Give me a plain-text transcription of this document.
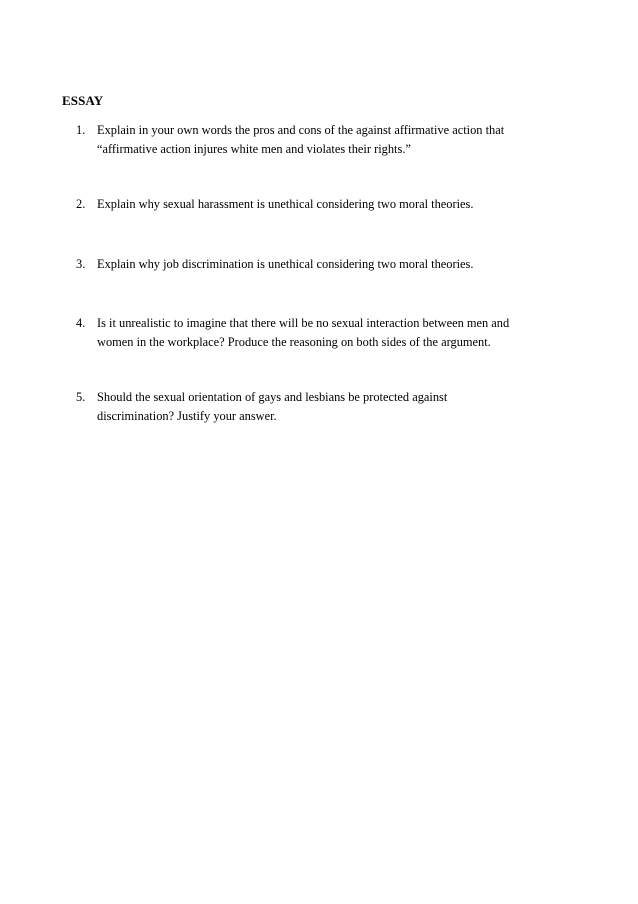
ESSAY
1. Explain in your own words the pros and cons of the against affirmative action that
“affirmative action injures white men and violates their rights.”
2. Explain why sexual harassment is unethical considering two moral theories.
3. Explain why job discrimination is unethical considering two moral theories.
4. Is it unrealistic to imagine that there will be no sexual interaction between men and
women in the workplace? Produce the reasoning on both sides of the argument.
5. Should the sexual orientation of gays and lesbians be protected against
discrimination? Justify your answer.
